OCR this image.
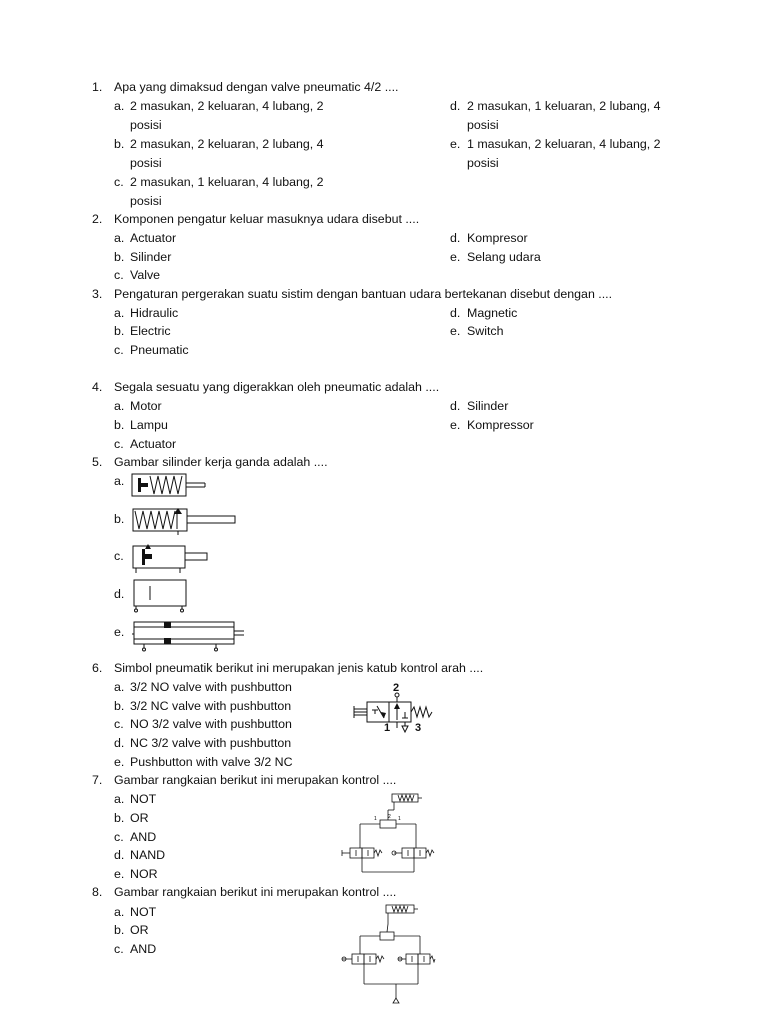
1. Apa yang dimaksud dengan valve pneumatic 4/2 ....
a. 2 masukan, 2 keluaran, 4 lubang, 2
posisi
b. 2 masukan, 2 keluaran, 2 lubang, 4
posisi
c. 2 masukan, 1 keluaran, 4 lubang, 2
posisi
d. 2 masukan, 1 keluaran, 2 lubang, 4
posisi
e. 1 masukan, 2 keluaran, 4 lubang, 2
posisi
2. Komponen pengatur keluar masuknya udara disebut ....
a. Actuator
b. Silinder
c. Valve
d. Kompresor
e. Selang udara
3. Pengaturan pergerakan suatu sistim dengan bantuan udara bertekanan disebut dengan ....
a. Hidraulic
b. Electric
c. Pneumatic
d. Magnetic
e. Switch
4. Segala sesuatu yang digerakkan oleh pneumatic adalah ....
a. Motor
b. Lampu
c. Actuator
d. Silinder
e. Kompressor
5. Gambar silinder kerja ganda adalah ....
a.
b.
c.
d.
e.
6. Simbol pneumatik berikut ini merupakan jenis katub kontrol arah ....
a. 3/2 NO valve with pushbutton
b. 3/2 NC valve with pushbutton
c. NO 3/2 valve with pushbutton
d. NC 3/2 valve with pushbutton
e. Pushbutton with valve 3/2 NC
2
1 3
7. Gambar rangkaian berikut ini merupakan kontrol ....
a. NOT
b. OR
c. AND
d. NAND
e. NOR
1 2 1
8. Gambar rangkaian berikut ini merupakan kontrol ....
a. NOT
b. OR
c. AND
